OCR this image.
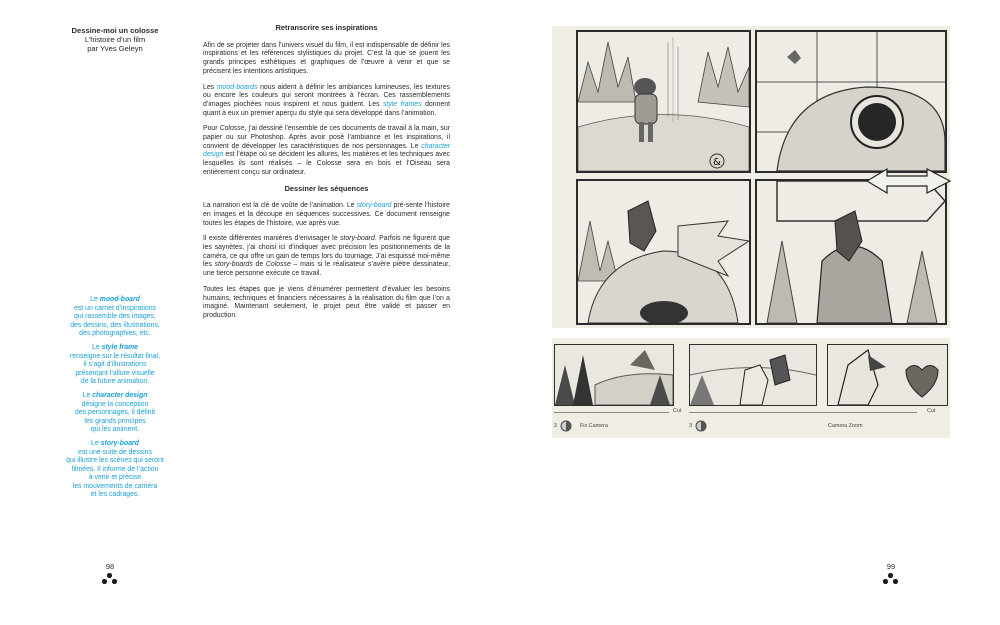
Dessine-moi un colosse
L’histoire d’un film
par Yves Geleyn
Retranscrire ses inspirations

Afin de se projeter dans l’univers visuel du film, il est indispensable de définir les inspirations et les références stylistiques du projet. C’est là que se jouent les grands principes esthétiques et graphiques de l’œuvre à venir et que se précisent les intentions artistiques.

Les mood-boards nous aident à définir les ambiances lumineuses, les textures ou encore les couleurs qui seront montrées à l’écran. Ces rassemblements d’images piochées nous inspirent et nous guident. Les style frames donnent quant à eux un premier aperçu du style qui sera développé dans l’animation.

Pour Colosse, j’ai dessiné l’ensemble de ces documents de travail à la main, sur papier ou sur Photoshop. Après avoir posé l’ambiance et les inspirations, il convient de développer les caractéristiques de nos personnages. Le character design est l’étape où se décident les allures, les matières et les techniques avec lesquelles ils sont réalisés – le Colosse sera en bois et l’Oiseau sera entièrement conçu sur ordinateur.

Dessiner les séquences

La narration est la clé de voûte de l’animation. Le story-board pré-sente l’histoire en images et la découpe en séquences successives. Ce document renseigne toutes les étapes de l’histoire, vue après vue.

Il existe différentes manières d’envisager le story-board. Parfois ne figurent que les saynètes, j’ai choisi ici d’indiquer avec précision les positionnements de la caméra, ce qui offre un gain de temps lors du tournage. J’ai esquissé moi-même les story-boards de Colosse – mais si le réalisateur s’avère piètre dessinateur, une tierce personne exécute ce travail.

Toutes les étapes que je viens d’énumérer permettent d’évaluer les besoins humains, techniques et financiers nécessaires à la réalisation du film que l’on a imaginé. Maintenant seulement, le projet peut être validé et passer en production.

Le mood-board
est un carnet d’inspirations
qui rassemble des images,
des dessins, des illustrations,
des photographies, etc.
Le style frame
renseigne sur le résultat final,
il s’agit d’illustrations
présentant l’allure visuelle
de la future animation.
Le character design
désigne la conception
des personnages, il définit
les grands principes
qui les animent.
Le story-board
est une suite de dessins
qui illustre les scènes qui seront
filmées. Il informe de l’action
à venir et précise
les mouvements de caméra
et les cadrages.
98	99
&
Cut	Cut
3	Fix Camera	3	Camera Zoom
